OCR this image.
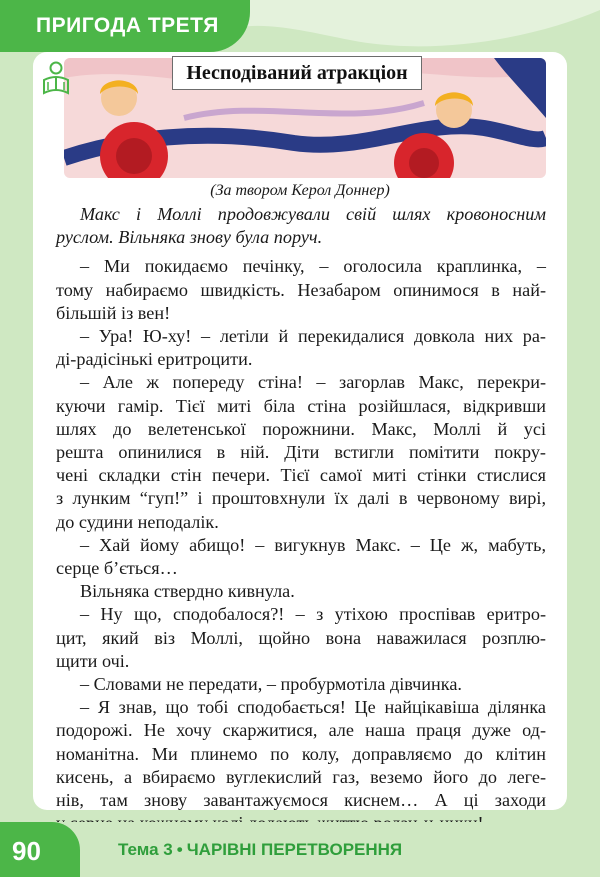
ПРИГОДА ТРЕТЯ
Несподіваний атракціон
(За твором Керол Доннер)
Макс і Моллі продовжували свій шлях кровоносним
руслом. Вільняка знову була поруч.
– Ми покидаємо печінку, – оголосила краплинка, –
тому набираємо швидкість. Незабаром опинимося в най-
більшій із вен!
– Ура! Ю-ху! – летіли й перекидалися довкола них ра-
ді-радісінькі еритроцити.
– Але ж попереду стіна! – загорлав Макс, перекри-
куючи гамір. Тієї миті біла стіна розійшлася, відкривши
шлях до велетенської порожнини. Макс, Моллі й усі
решта опинилися в ній. Діти встигли помітити покру-
чені складки стін печери. Тієї самої миті стінки стислися
з лунким “гуп!” і проштовхнули їх далі в червоному вирі,
до судини неподалік.
– Хай йому абищо! – вигукнув Макс. – Це ж, мабуть,
серце б’ється…
Вільняка ствердно кивнула.
– Ну що, сподобалося?! – з утіхою проспівав еритро-
цит, який віз Моллі, щойно вона наважилася розплю-
щити очі.
– Словами не передати, – пробурмотіла дівчинка.
– Я знав, що тобі сподобається! Це найцікавіша ділянка
подорожі. Не хочу скаржитися, але наша праця дуже од-
номанітна. Ми плинемо по колу, доправляємо до клітин
кисень, а вбираємо вуглекислий газ, веземо його до леге-
нів, там знову завантажуємося киснем… А ці заходи
90	Тема 3 • ЧАРІВНІ ПЕРЕТВОРЕННЯ
